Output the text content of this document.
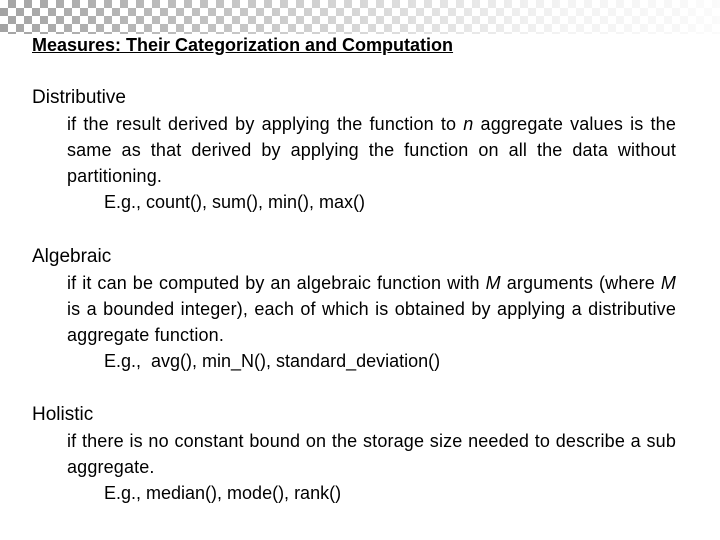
Measures: Their Categorization and Computation
Distributive
if the result derived by applying the function to n aggregate values is the same as that derived by applying the function on all the data without partitioning.
E.g., count(), sum(), min(), max()
Algebraic
if it can be computed by an algebraic function with M arguments (where M is a bounded integer), each of which is obtained by applying a distributive aggregate function.
E.g.,  avg(), min_N(), standard_deviation()
Holistic
if there is no constant bound on the storage size needed to describe a sub aggregate.
E.g., median(), mode(), rank()
